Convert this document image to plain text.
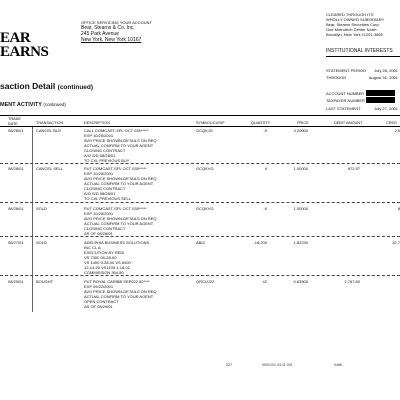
EAR
EARNS
OFFICE SERVICING YOUR ACCOUNT
Bear, Stearns & Co. Inc.
245 Park Avenue
New York, New York 10167
CLEARED THROUGH ITS
WHOLLY OWNED SUBSIDIARY
Bear, Stearns Securities Corp.
One Metrotech Center North
Brooklyn, New York 11201-3869
INSTITUTIONAL INTERESTS
STATEMENT PERIOD July 28, 2001
THROUGH	August 31, 2001
ACCOUNT NUMBER
TAXPAYER NUMBER
LAST STATEMENT	July 27, 2001
saction Detail (continued)
MENT ACTIVITY (continued)
TRADE
DATE	TRANSACTION	DESCRIPTION	SYMBOL/CUSIP	QUANTITY	PRICE	DEBIT AMOUNT	CRED
08/28/01	CANCEL BUY	CALL COMCAST-SPL OCT 035*****
EXP 10/20/2001
AVG PRICE SHOWN-DETAILS ON REQ
ACTUAL CONFIRM TO YOUR AGENT
CLOSING CONTRACT
A/O S/D 08/28/01
TO CXL PREVIOUS BUY
GCQKJG	-9	3.20000	2,9
08/28/01	CANCEL SELL	PUT COMCAST-SPL OCT 035*****
EXP 10/20/2001
AVG PRICE SHOWN-DETAILS ON REQ
ACTUAL CONFIRM TO YOUR AGENT
CLOSING CONTRACT
A/O S/D 08/28/01
TO CXL PREVIOUS SELL
GCQKVG	9	1.00000	872.97
08/28/01	SOLD	PUT COMCAST-SPL OCT 035*****
EXP 10/20/2001
AVG PRICE SHOWN-DETAILS ON REQ
ACTUAL CONFIRM TO YOUR AGENT
CLOSING CONTRACT
AS OF 08/28/01
GCQKVG	-9	1.00000	8
08/27/01	SOLD	ADELPHIA BUSINESS SOLUTIONS
INC CL A
EXECUTION BY REDI
VS 7300 09-28-00
VS 1400 9-28-00 VS 8400
12-14-00 VS1100 1-18-01
COMMISSION 364.50
ABIZ	-18,200	1.82230	32,7
08/29/01	BOUGHT	PUT ROYAL CARIBB SEP022.50****
EXP 09/22/2001
AVG PRICE SHOWN-DETAILS ON REQ
ACTUAL CONFIRM TO YOUR AGENT
OPEN CONTRACT
AS OF 08/29/01
QRCUJ22	42	0.63900	2,767.80
027	09/01/01 03:11 001	0466
